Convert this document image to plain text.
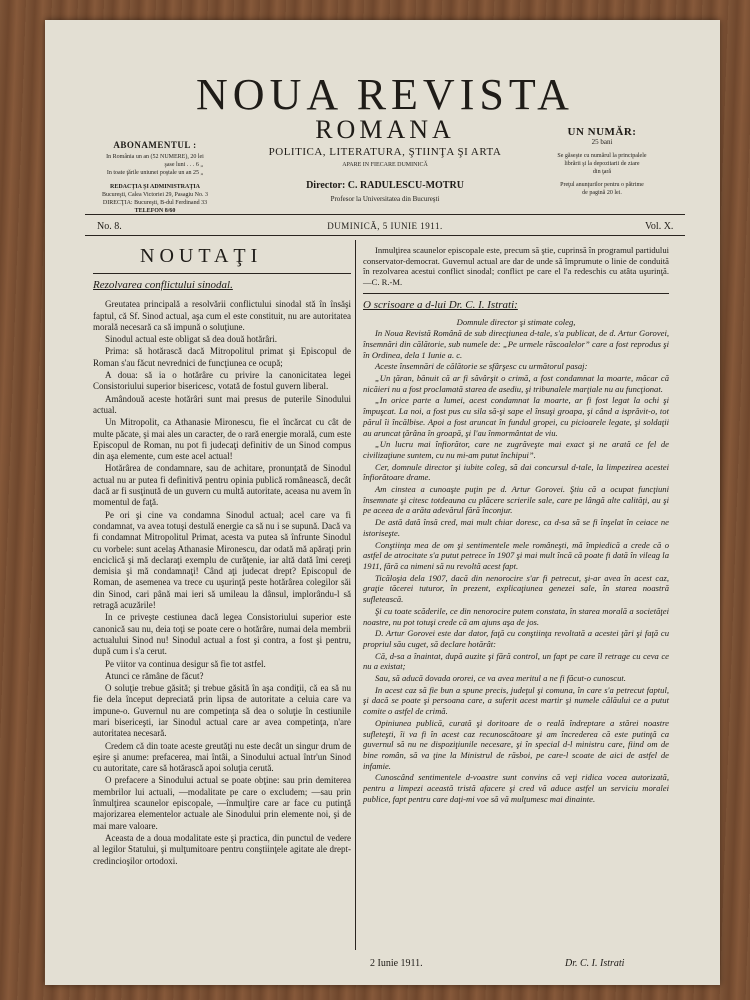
NOUA REVISTA
ROMANA
POLITICA, LITERATURA, ŞTIINŢA ŞI ARTA
APARE IN FIECARE DUMINICĂ
Director: C. RADULESCU-MOTRU
Profesor la Universitatea din Bucureşti
ABONAMENTUL :
In România un an (52 NUMERE), 20 lei
şase luni . . . 6 „
In toate ţările uniunei poştale un an 25 „
REDACŢIA ŞI ADMINISTRAŢIA
Bucureşti, Calea Victoriei 29, Pasagiu No. 3
DIRECŢIA: Bucureşti, B-dul Ferdinand 33
TELEFON 8/60
UN NUMĂR:
25 bani
Se găseşte cu numărul la principalele
librării şi la depozitarii de ziare
din ţară
Preţul anunţurilor pentru o pătrime
de pagină 20 lei.
No. 8.	DUMINICĂ, 5 IUNIE 1911.	Vol. X.
NOUTAŢI
Rezolvarea conflictului sinodal.

Greutatea principală a resolvării conflictului sinodal stă în însăşi faptul, că Sf. Sinod actual, aşa cum el este constituit, nu are autoritatea morală necesară ca să impună o soluţiune.

Sinodul actual este obligat să dea două hotărâri.

Prima: să hotărască dacă Mitropolitul primat şi Episcopul de Roman s'au făcut nevrednici de funcţiunea ce ocupă;

A doua: să ia o hotărâre cu privire la canonicitatea legei Consistoriului superior bisericesc, votată de fostul guvern liberal.

Amândouă aceste hotărâri sunt mai presus de puterile Sinodului actual.

Un Mitropolit, ca Athanasie Mironescu, fie el încărcat cu cât de multe păcate, şi mai ales un caracter, de o rară energie morală, cum este Episcopul de Roman, nu pot fi judecaţi definitiv de un Sinod compus din aşa elemente, cum este acel actual!

Hotărârea de condamnare, sau de achitare, pronunţată de Sinodul actual nu ar putea fi definitivă pentru opinia publică românească, decât dacă ar fi susţinută de un guvern cu multă autoritate, aceasa nu avem în momentul de faţă.

Pe ori şi cine va condamna Sinodul actual; acel care va fi condamnat, va avea totuşi destulă energie ca să nu i se supună. Dacă va fi condamnat Mitropolitul Primat, acesta va putea să înfrunte Sinodul cu vorbele: sunt acelaş Athanasie Mironescu, dar odată mă apăraţi prin enciclică şi mă declaraţi exemplu de curăţenie, iar altă dată îmi cereţi demisia şi mă condamnaţi! Când aţi judecat drept? Episcopul de Roman, de asemenea va trece cu uşurinţă peste hotărârea colegilor săi din Sinod, cari până mai ieri să umileau la dânsul, implorându-l să retragă acuzările!

In ce priveşte cestiunea dacă legea Consistoriului superior este canonică sau nu, deia toţi se poate cere o hotărâre, numai dela membrii actualului Sinod nu! Sinodul actual a fost şi contra, a fost şi pentru, după cum i s'a cerut.

Pe viitor va continua desigur să fie tot astfel.

Atunci ce rămâne de făcut?

O soluţie trebue găsită; şi trebue găsită în aşa condiţii, că ea să nu fie dela început depreciată prin lipsa de autoritate a celuia care va impune-o. Guvernul nu are competinţa să dea o soluţie în cestiunile mari bisericeşti, iar Sinodul actual care ar avea competinţa, n'are autoritatea necesară.

Credem că din toate aceste greutăţi nu este decât un singur drum de eşire şi anume: prefacerea, mai întâi, a Sinodului actual într'un Sinod cu autoritate, care să hotărască apoi soluţia cerută.

O prefacere a Sinodului actual se poate obţine: sau prin demiterea membrilor lui actuali, —modalitate pe care o excludem; —sau prin înmulţirea scaunelor episcopale, —înmulţire care ar face cu putinţă majorizarea elementelor actuale ale Sinodului prin elemente noi, şi de mai mare valoare.

Aceasta de a doua modalitate este şi practica, din punctul de vedere al legilor Statului, şi mulţumitoare pentru conştiinţele agitate ale drept-credincioşilor ortodoxi.

Inmulţirea scaunelor episcopale este, precum să ştie, cuprinsă în programul partidului conservator-democrat. Guvernul actual are dar de unde să împrumute o linie de conduită în rezolvarea acestui conflict sinodal; conflict pe care el l'a redeschis cu atâta uşurinţă. —C. R.-M.

O scrisoare a d-lui Dr. C. I. Istrati:

Domnule director şi stimate coleg,

In Noua Revistă Română de sub direcţiunea d-tale, s'a publicat, de d. Artur Gorovei, însemnări din călătorie, sub numele de: „Pe urmele răscoalelor” care a fost reprodus şi în Ordinea, dela 1 Iunie a. c.

Aceste însemnări de călătorie se sfârşesc cu următorul pasaj:

„Un ţăran, bănuit că ar fi săvârşit o crimă, a fost condamnat la moarte, măcar că nicăieri nu a fost proclamată starea de asediu, şi tribunalele marţiale nu au funcţionat.

„In orice parte a lumei, acest condamnat la moarte, ar fi fost legat la ochi şi împuşcat. La noi, a fost pus cu sila să-şi sape el însuşi groapa, şi când a isprăvit-o, tot părul îi încălbise. Apoi a fost aruncat în fundul gropei, cu picioarele legate, şi soldaţii au aruncat ţărâna în groapă, şi l'au înmormântat de viu.

„Un lucru mai înfiorător, care ne zugrăveşte mai exact şi ne arată ce fel de civilizaţiune suntem, cu nu mi-am putut închipui”.

Cer, domnule director şi iubite coleg, să dai concursul d-tale, la limpezirea acestei înfiorătoare drame.

Am cinstea a cunoaşte puţin pe d. Artur Gorovei. Ştiu că a ocupat funcţiuni însemnate şi citesc totdeauna cu plăcere scrierile sale, care pe lângă alte calităţi, au şi pe aceea de a arăta adevărul fără înconjur.

De astă dată însă cred, mai mult chiar doresc, ca d-sa să se fi înşelat în ceiace ne istoriseşte.

Conştiinţa mea de om şi sentimentele mele româneşti, mă împiedică a crede că o astfel de atrocitate s'a putut petrece în 1907 şi mai mult încă că poate fi dată în vileag la 1911, fără ca nimeni să nu revoltă acest fapt.

Ticăloşia dela 1907, dacă din nenorocire s'ar fi petrecut, şi-ar avea în acest caz, graţie tăcerei tuturor, în prezent, explicaţiunea genezei sale, în starea noastră sufletească.

Şi cu toate scăderile, ce din nenorocire putem constata, în starea morală a societăţei noastre, nu pot totuşi crede că am ajuns aşa de jos.

D. Artur Gorovei este dar dator, faţă cu conştiinţa revoltată a acestei ţări şi faţă cu propriul său cuget, să declare hotărât:

Că, d-sa a înaintat, după auzite şi fără control, un fapt pe care îl retrage cu ceva ce nu a existat;

Sau, să aducă dovada ororei, ce va avea meritul a ne fi făcut-o cunoscut.

In acest caz să fie bun a spune precis, judeţul şi comuna, în care s'a petrecut faptul, şi dacă se poate şi persoana care, a suferit acest martir şi numele călăului ce a putut comite o astfel de crimă.

Opiniunea publică, curată şi doritoare de o reală îndreptare a stărei noastre sufleteşti, îi va fi în acest caz recunoscătoare şi am încrederea că este putinţă ca guvernul să nu ne dispoziţiunile necesare, şi în special d-l ministru care, fiind om de bine român, să va ţine la Ministrul de răsboi, pe care-l scoate de aici de astfel de infamie.

Cunoscând sentimentele d-voastre sunt convins că veţi ridica vocea autorizată, pentru a limpezi această tristă afacere şi cred vă aduce astfel un serviciu moralei publice, fapt pentru care daţi-mi voe să vă mulţumesc mai dinainte.

2 Iunie 1911.	Dr. C. I. Istrati
